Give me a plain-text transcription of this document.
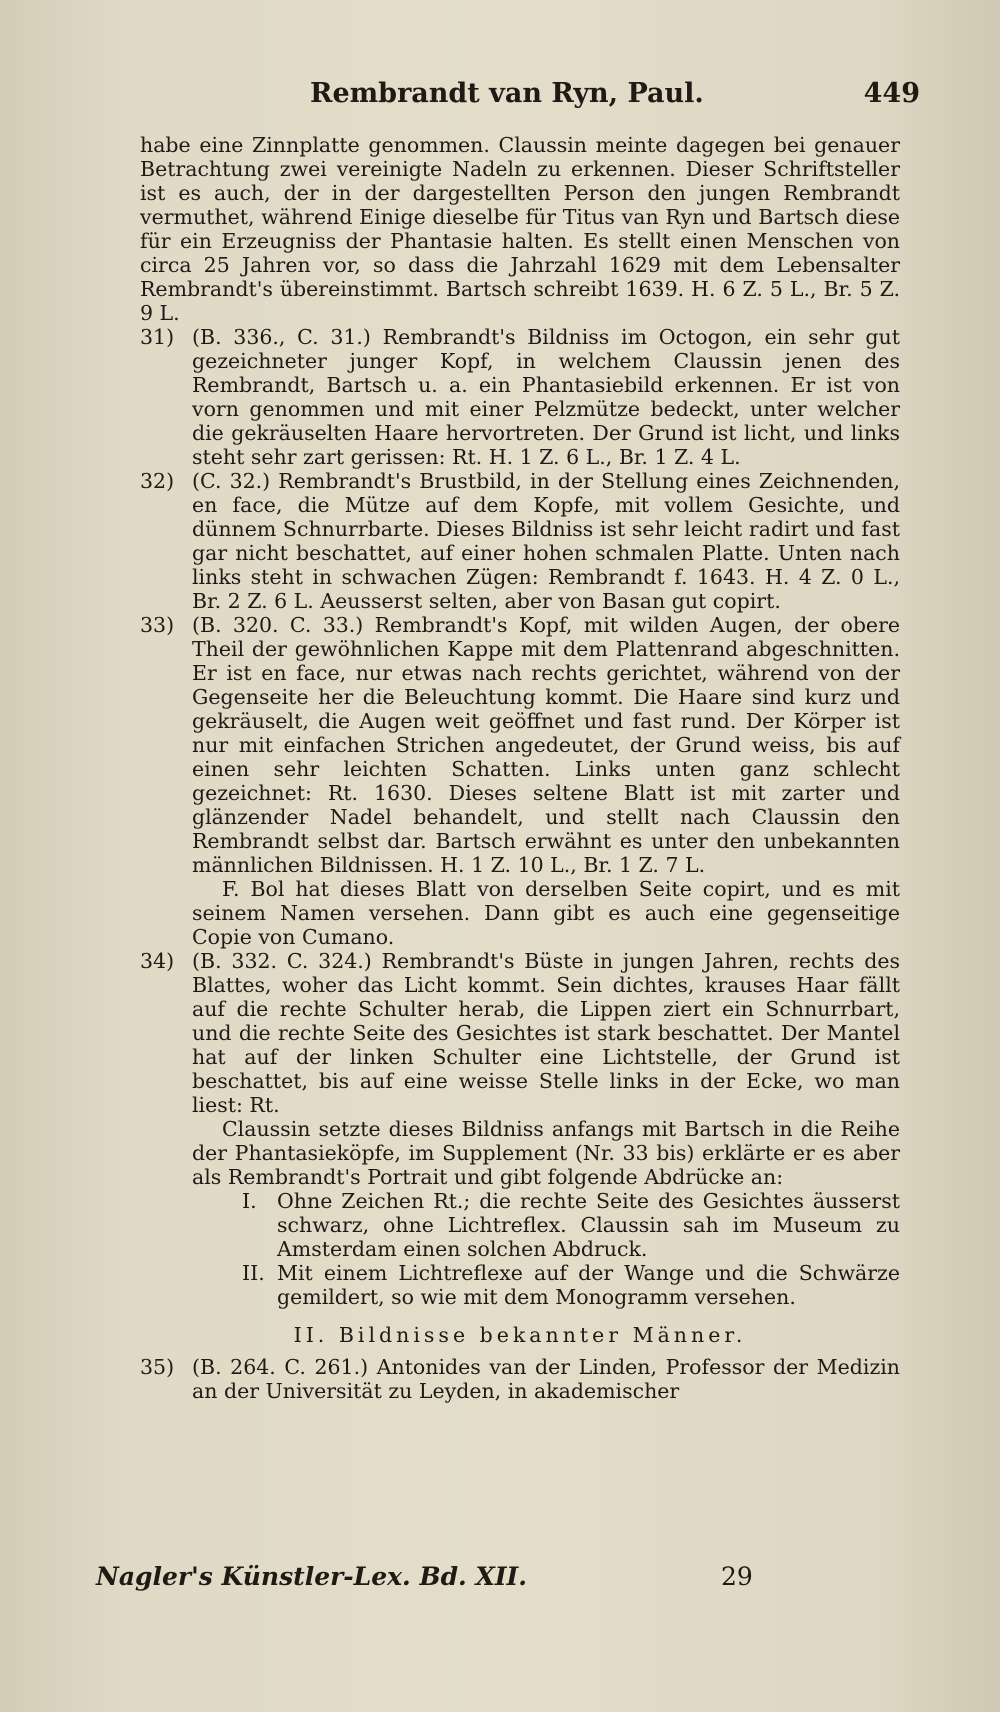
Rembrandt van Ryn, Paul.	449

habe eine Zinnplatte genommen. Claussin meinte dagegen bei genauer Betrachtung zwei vereinigte Nadeln zu erkennen. Dieser Schriftsteller ist es auch, der in der dargestellten Person den jungen Rembrandt vermuthet, während Einige dieselbe für Titus van Ryn und Bartsch diese für ein Erzeugniss der Phantasie halten. Es stellt einen Menschen von circa 25 Jahren vor, so dass die Jahrzahl 1629 mit dem Lebensalter Rembrandt's übereinstimmt. Bartsch schreibt 1639. H. 6 Z. 5 L., Br. 5 Z. 9 L.

31) (B. 336., C. 31.) Rembrandt's Bildniss im Octogon, ein sehr gut gezeichneter junger Kopf, in welchem Claussin jenen des Rembrandt, Bartsch u. a. ein Phantasiebild erkennen. Er ist von vorn genommen und mit einer Pelzmütze bedeckt, unter welcher die gekräuselten Haare hervortreten. Der Grund ist licht, und links steht sehr zart gerissen: Rt. H. 1 Z. 6 L., Br. 1 Z. 4 L.

32) (C. 32.) Rembrandt's Brustbild, in der Stellung eines Zeichnenden, en face, die Mütze auf dem Kopfe, mit vollem Gesichte, und dünnem Schnurrbarte. Dieses Bildniss ist sehr leicht radirt und fast gar nicht beschattet, auf einer hohen schmalen Platte. Unten nach links steht in schwachen Zügen: Rembrandt f. 1643. H. 4 Z. 0 L., Br. 2 Z. 6 L. Aeusserst selten, aber von Basan gut copirt.

33) (B. 320. C. 33.) Rembrandt's Kopf, mit wilden Augen, der obere Theil der gewöhnlichen Kappe mit dem Plattenrand abgeschnitten. Er ist en face, nur etwas nach rechts gerichtet, während von der Gegenseite her die Beleuchtung kommt. Die Haare sind kurz und gekräuselt, die Augen weit geöffnet und fast rund. Der Körper ist nur mit einfachen Strichen angedeutet, der Grund weiss, bis auf einen sehr leichten Schatten. Links unten ganz schlecht gezeichnet: Rt. 1630. Dieses seltene Blatt ist mit zarter und glänzender Nadel behandelt, und stellt nach Claussin den Rembrandt selbst dar. Bartsch erwähnt es unter den unbekannten männlichen Bildnissen. H. 1 Z. 10 L., Br. 1 Z. 7 L.

F. Bol hat dieses Blatt von derselben Seite copirt, und es mit seinem Namen versehen. Dann gibt es auch eine gegenseitige Copie von Cumano.

34) (B. 332. C. 324.) Rembrandt's Büste in jungen Jahren, rechts des Blattes, woher das Licht kommt. Sein dichtes, krauses Haar fällt auf die rechte Schulter herab, die Lippen ziert ein Schnurrbart, und die rechte Seite des Gesichtes ist stark beschattet. Der Mantel hat auf der linken Schulter eine Lichtstelle, der Grund ist beschattet, bis auf eine weisse Stelle links in der Ecke, wo man liest: Rt.

Claussin setzte dieses Bildniss anfangs mit Bartsch in die Reihe der Phantasieköpfe, im Supplement (Nr. 33 bis) erklärte er es aber als Rembrandt's Portrait und gibt folgende Abdrücke an:

I. Ohne Zeichen Rt.; die rechte Seite des Gesichtes äusserst schwarz, ohne Lichtreflex. Claussin sah im Museum zu Amsterdam einen solchen Abdruck.

II. Mit einem Lichtreflexe auf der Wange und die Schwärze gemildert, so wie mit dem Monogramm versehen.

II. Bildnisse bekannter Männer.

35) (B. 264. C. 261.) Antonides van der Linden, Professor der Medizin an der Universität zu Leyden, in akademischer

Nagler's Künstler-Lex. Bd. XII.	29
